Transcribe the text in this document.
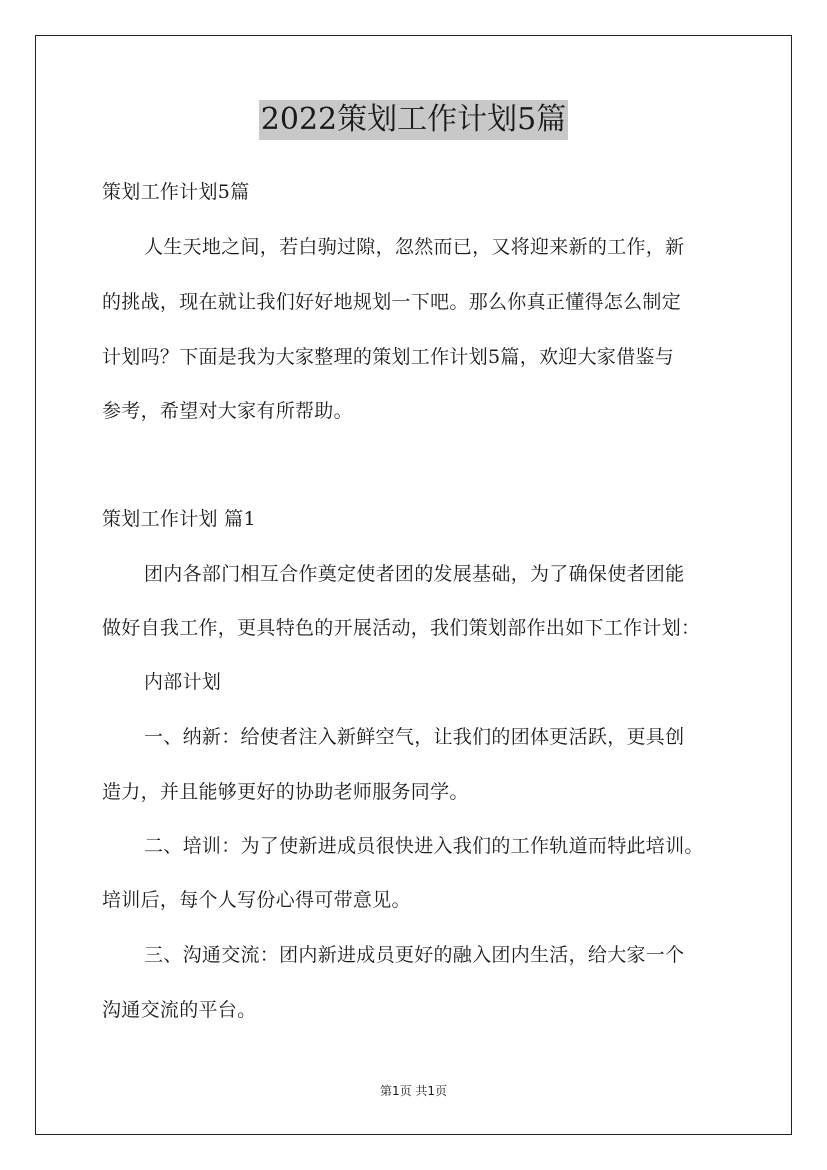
2022策划工作计划5篇
策划工作计划5篇
人生天地之间，若白驹过隙，忽然而已，又将迎来新的工作，新
的挑战，现在就让我们好好地规划一下吧。那么你真正懂得怎么制定
计划吗？下面是我为大家整理的策划工作计划5篇，欢迎大家借鉴与
参考，希望对大家有所帮助。
策划工作计划 篇1
团内各部门相互合作奠定使者团的发展基础，为了确保使者团能
做好自我工作，更具特色的开展活动，我们策划部作出如下工作计划：
内部计划
一、纳新：给使者注入新鲜空气，让我们的团体更活跃，更具创
造力，并且能够更好的协助老师服务同学。
二、培训：为了使新进成员很快进入我们的工作轨道而特此培训。
培训后，每个人写份心得可带意见。
三、沟通交流：团内新进成员更好的融入团内生活，给大家一个
沟通交流的平台。
第1页 共1页
